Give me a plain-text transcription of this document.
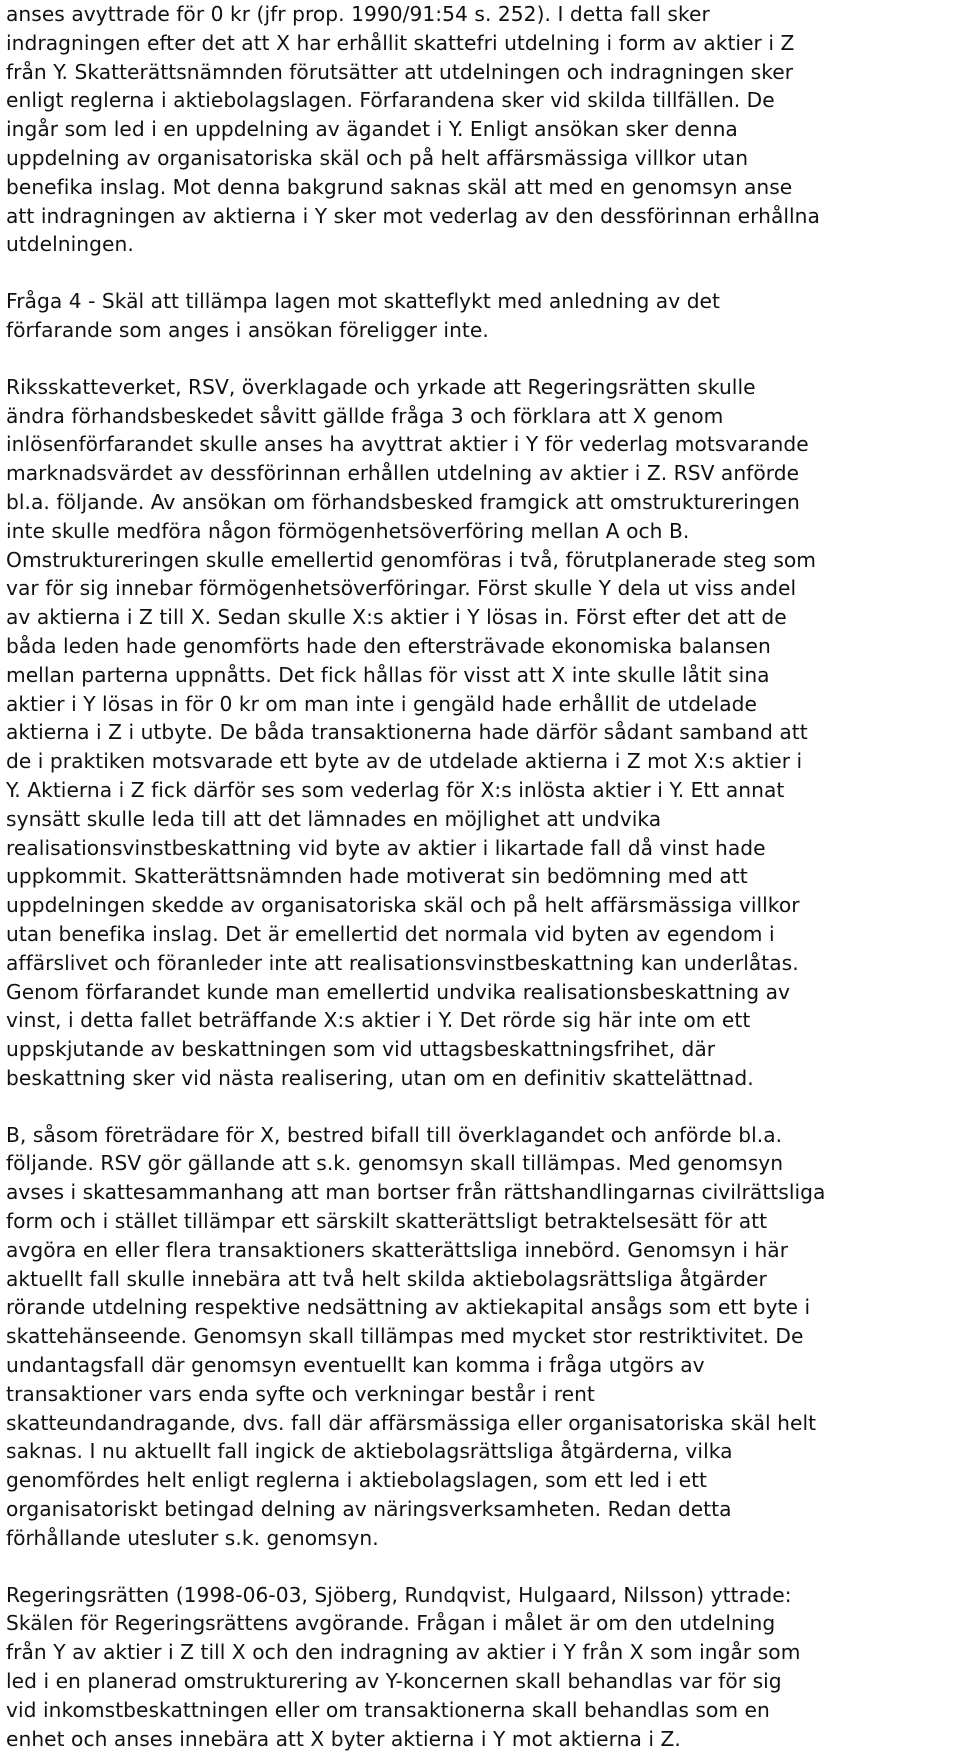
anses avyttrade för 0 kr (jfr prop. 1990/91:54 s. 252). I detta fall sker
indragningen efter det att X har erhållit skattefri utdelning i form av aktier i Z
från Y. Skatterättsnämnden förutsätter att utdelningen och indragningen sker
enligt reglerna i aktiebolagslagen. Förfarandena sker vid skilda tillfällen. De
ingår som led i en uppdelning av ägandet i Y. Enligt ansökan sker denna
uppdelning av organisatoriska skäl och på helt affärsmässiga villkor utan
benefika inslag. Mot denna bakgrund saknas skäl att med en genomsyn anse
att indragningen av aktierna i Y sker mot vederlag av den dessförinnan erhållna
utdelningen.
Fråga 4 - Skäl att tillämpa lagen mot skatteflykt med anledning av det
förfarande som anges i ansökan föreligger inte.
Riksskatteverket, RSV, överklagade och yrkade att Regeringsrätten skulle
ändra förhandsbeskedet såvitt gällde fråga 3 och förklara att X genom
inlösenförfarandet skulle anses ha avyttrat aktier i Y för vederlag motsvarande
marknadsvärdet av dessförinnan erhållen utdelning av aktier i Z. RSV anförde
bl.a. följande. Av ansökan om förhandsbesked framgick att omstruktureringen
inte skulle medföra någon förmögenhetsöverföring mellan A och B.
Omstruktureringen skulle emellertid genomföras i två, förutplanerade steg som
var för sig innebar förmögenhetsöverföringar. Först skulle Y dela ut viss andel
av aktierna i Z till X. Sedan skulle X:s aktier i Y lösas in. Först efter det att de
båda leden hade genomförts hade den eftersträvade ekonomiska balansen
mellan parterna uppnåtts. Det fick hållas för visst att X inte skulle låtit sina
aktier i Y lösas in för 0 kr om man inte i gengäld hade erhållit de utdelade
aktierna i Z i utbyte. De båda transaktionerna hade därför sådant samband att
de i praktiken motsvarade ett byte av de utdelade aktierna i Z mot X:s aktier i
Y. Aktierna i Z fick därför ses som vederlag för X:s inlösta aktier i Y. Ett annat
synsätt skulle leda till att det lämnades en möjlighet att undvika
realisationsvinstbeskattning vid byte av aktier i likartade fall då vinst hade
uppkommit. Skatterättsnämnden hade motiverat sin bedömning med att
uppdelningen skedde av organisatoriska skäl och på helt affärsmässiga villkor
utan benefika inslag. Det är emellertid det normala vid byten av egendom i
affärslivet och föranleder inte att realisationsvinstbeskattning kan underlåtas.
Genom förfarandet kunde man emellertid undvika realisationsbeskattning av
vinst, i detta fallet beträffande X:s aktier i Y. Det rörde sig här inte om ett
uppskjutande av beskattningen som vid uttagsbeskattningsfrihet, där
beskattning sker vid nästa realisering, utan om en definitiv skattelättnad.
B, såsom företrädare för X, bestred bifall till överklagandet och anförde bl.a.
följande. RSV gör gällande att s.k. genomsyn skall tillämpas. Med genomsyn
avses i skattesammanhang att man bortser från rättshandlingarnas civilrättsliga
form och i stället tillämpar ett särskilt skatterättsligt betraktelsesätt för att
avgöra en eller flera transaktioners skatterättsliga innebörd. Genomsyn i här
aktuellt fall skulle innebära att två helt skilda aktiebolagsrättsliga åtgärder
rörande utdelning respektive nedsättning av aktiekapital ansågs som ett byte i
skattehänseende. Genomsyn skall tillämpas med mycket stor restriktivitet. De
undantagsfall där genomsyn eventuellt kan komma i fråga utgörs av
transaktioner vars enda syfte och verkningar består i rent
skatteundandragande, dvs. fall där affärsmässiga eller organisatoriska skäl helt
saknas. I nu aktuellt fall ingick de aktiebolagsrättsliga åtgärderna, vilka
genomfördes helt enligt reglerna i aktiebolagslagen, som ett led i ett
organisatoriskt betingad delning av näringsverksamheten. Redan detta
förhållande utesluter s.k. genomsyn.
Regeringsrätten (1998-06-03, Sjöberg, Rundqvist, Hulgaard, Nilsson) yttrade:
Skälen för Regeringsrättens avgörande. Frågan i målet är om den utdelning
från Y av aktier i Z till X och den indragning av aktier i Y från X som ingår som
led i en planerad omstrukturering av Y-koncernen skall behandlas var för sig
vid inkomstbeskattningen eller om transaktionerna skall behandlas som en
enhet och anses innebära att X byter aktierna i Y mot aktierna i Z.
